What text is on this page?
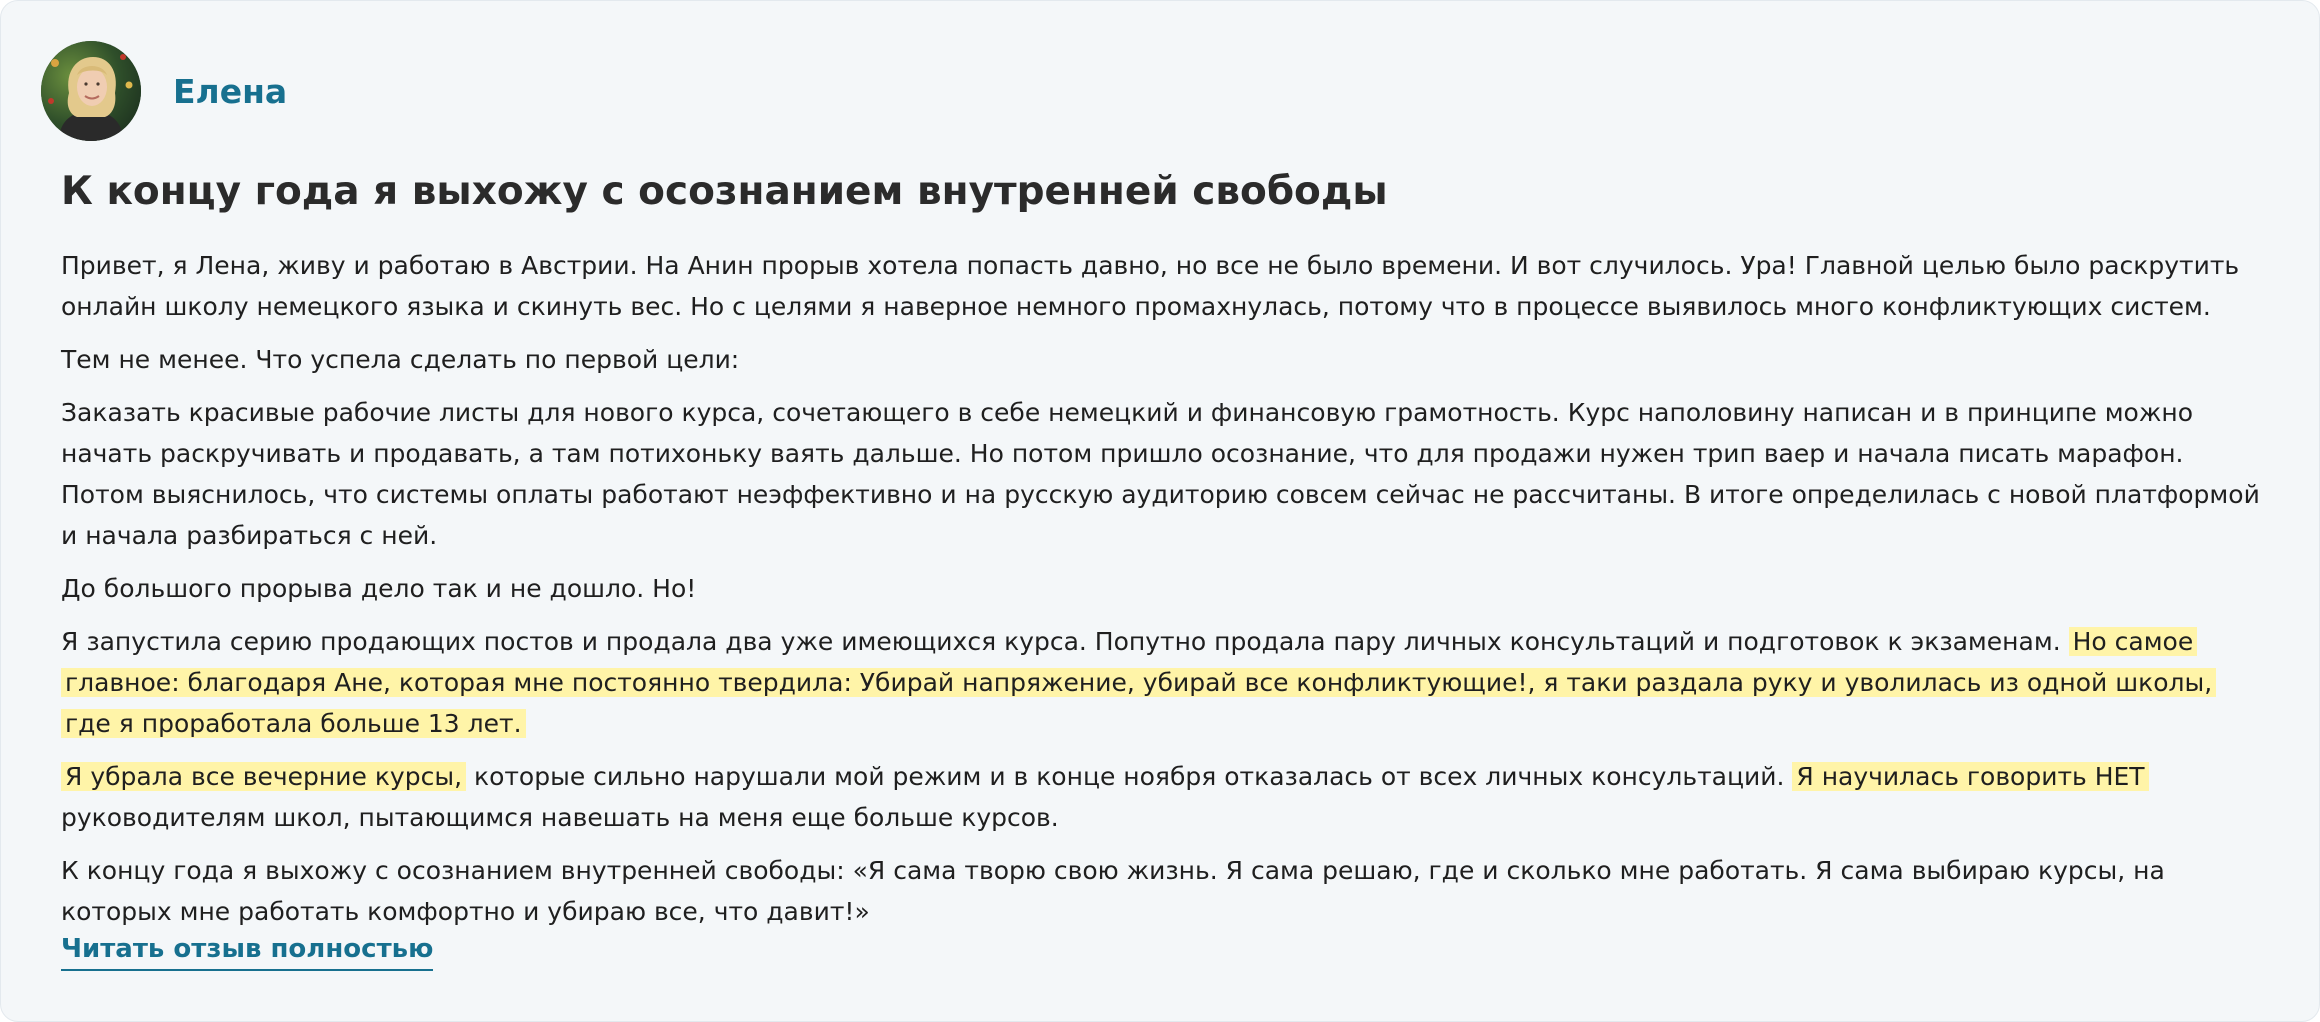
Елена
К концу года я выхожу с осознанием внутренней свободы

Привет, я Лена, живу и работаю в Австрии. На Анин прорыв хотела попасть давно, но все не было времени. И вот случилось. Ура! Главной целью было раскрутить онлайн школу немецкого языка и скинуть вес. Но с целями я наверное немного промахнулась, потому что в процессе выявилось много конфликтующих систем.

Тем не менее. Что успела сделать по первой цели:

Заказать красивые рабочие листы для нового курса, сочетающего в себе немецкий и финансовую грамотность. Курс наполовину написан и в принципе можно начать раскручивать и продавать, а там потихоньку ваять дальше. Но потом пришло осознание, что для продажи нужен трип ваер и начала писать марафон. Потом выяснилось, что системы оплаты работают неэффективно и на русскую аудиторию совсем сейчас не рассчитаны. В итоге определилась с новой платформой и начала разбираться с ней.

До большого прорыва дело так и не дошло. Но!

Я запустила серию продающих постов и продала два уже имеющихся курса. Попутно продала пару личных консультаций и подготовок к экзаменам. Но самое главное: благодаря Ане, которая мне постоянно твердила: Убирай напряжение, убирай все конфликтующие!, я таки раздала руку и уволилась из одной школы, где я проработала больше 13 лет.

Я убрала все вечерние курсы, которые сильно нарушали мой режим и в конце ноября отказалась от всех личных консультаций. Я научилась говорить НЕТ руководителям школ, пытающимся навешать на меня еще больше курсов.

К концу года я выхожу с осознанием внутренней свободы: «Я сама творю свою жизнь. Я сама решаю, где и сколько мне работать. Я сама выбираю курсы, на которых мне работать комфортно и убираю все, что давит!»

Читать отзыв полностью
